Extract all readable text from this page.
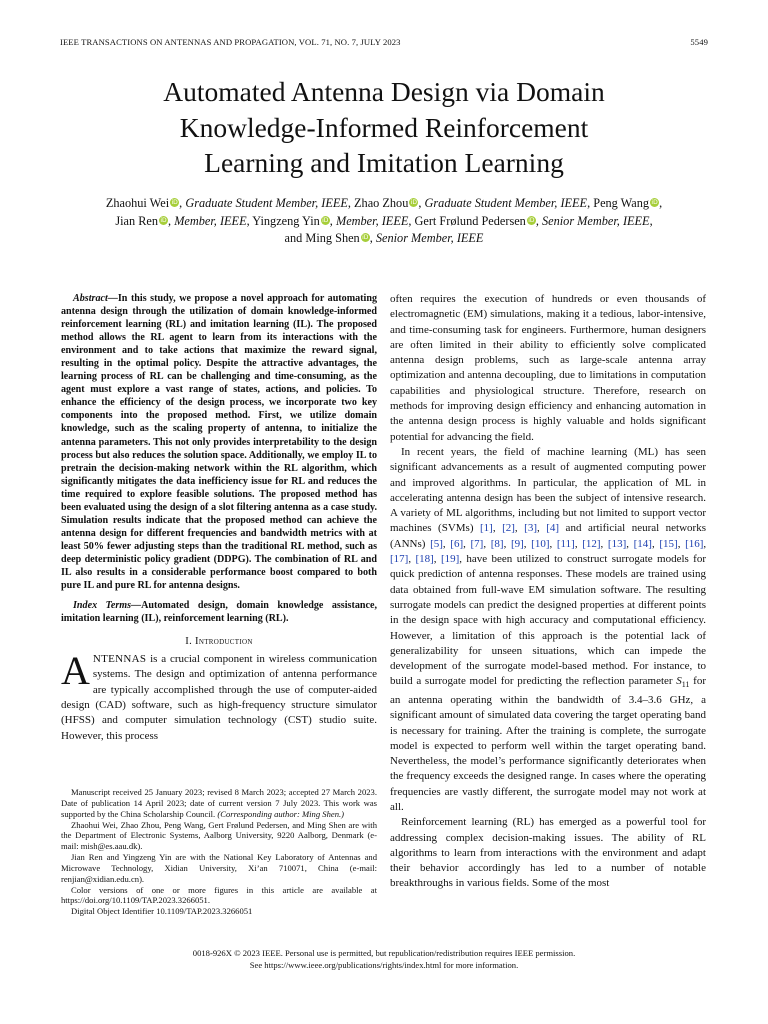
IEEE TRANSACTIONS ON ANTENNAS AND PROPAGATION, VOL. 71, NO. 7, JULY 2023	5549
Automated Antenna Design via Domain
Knowledge-Informed Reinforcement
Learning and Imitation Learning
Zhaohui Wei iD, Graduate Student Member, IEEE, Zhao Zhou iD, Graduate Student Member, IEEE, Peng Wang iD,
Jian Ren iD, Member, IEEE, Yingzeng Yin iD, Member, IEEE, Gert Frølund Pedersen iD, Senior Member, IEEE,
and Ming Shen iD, Senior Member, IEEE

Abstract—In this study, we propose a novel approach for automating antenna design through the utilization of domain knowledge-informed reinforcement learning (RL) and imitation learning (IL). The proposed method allows the RL agent to learn from its interactions with the environment and to take actions that maximize the reward signal, resulting in the optimal policy. Despite the attractive advantages, the learning process of RL can be challenging and time-consuming, as the agent must explore a vast range of states, actions, and policies. To enhance the efficiency of the design process, we incorporate two key components into the proposed method. First, we utilize domain knowledge, such as the scaling property of antenna, to initialize the antenna parameters. This not only provides interpretability to the design process but also reduces the solution space. Additionally, we employ IL to pretrain the decision-making network within the RL algorithm, which significantly mitigates the data inefficiency issue for RL and reduces the time required to explore feasible solutions. The proposed method has been evaluated using the design of a slot filtering antenna as a case study. Simulation results indicate that the proposed method can achieve the antenna design for different frequencies and bandwidth metrics with at least 50% fewer adjusting steps than the traditional RL method, such as deep deterministic policy gradient (DDPG). The combination of RL and IL also results in a considerable performance boost compared to both pure IL and pure RL for antenna designs.

Index Terms—Automated design, domain knowledge assistance, imitation learning (IL), reinforcement learning (RL).

I. Introduction

ANTENNAS is a crucial component in wireless communication systems. The design and optimization of antenna performance are typically accomplished through the use of computer-aided design (CAD) software, such as high-frequency structure simulator (HFSS) and computer simulation technology (CST) studio suite. However, this process

Manuscript received 25 January 2023; revised 8 March 2023; accepted 27 March 2023. Date of publication 14 April 2023; date of current version 7 July 2023. This work was supported by the China Scholarship Council. (Corresponding author: Ming Shen.)

Zhaohui Wei, Zhao Zhou, Peng Wang, Gert Frølund Pedersen, and Ming Shen are with the Department of Electronic Systems, Aalborg University, 9220 Aalborg, Denmark (e-mail: mish@es.aau.dk).

Jian Ren and Yingzeng Yin are with the National Key Laboratory of Antennas and Microwave Technology, Xidian University, Xi’an 710071, China (e-mail: renjian@xidian.edu.cn).

Color versions of one or more figures in this article are available at https://doi.org/10.1109/TAP.2023.3266051.

Digital Object Identifier 10.1109/TAP.2023.3266051

often requires the execution of hundreds or even thousands of electromagnetic (EM) simulations, making it a tedious, labor-intensive, and time-consuming task for engineers. Furthermore, human designers are often limited in their ability to efficiently solve complicated antenna design problems, such as large-scale antenna array optimization and antenna decoupling, due to limitations in computation capabilities and physiological structure. Therefore, research on methods for improving design efficiency and enhancing automation in the antenna design process is highly valuable and holds significant potential for advancing the field.

In recent years, the field of machine learning (ML) has seen significant advancements as a result of augmented computing power and improved algorithms. In particular, the application of ML in accelerating antenna design has been the subject of intensive research. A variety of ML algorithms, including but not limited to support vector machines (SVMs) [1], [2], [3], [4] and artificial neural networks (ANNs) [5], [6], [7], [8], [9], [10], [11], [12], [13], [14], [15], [16], [17], [18], [19], have been utilized to construct surrogate models for quick prediction of antenna responses. These models are trained using data obtained from full-wave EM simulation software. The resulting surrogate models can predict the designed properties at different points in the design space with high accuracy and computational efficiency. However, a limitation of this approach is the potential lack of generalizability for unseen situations, which can impede the development of the surrogate model-based method. For instance, to build a surrogate model for predicting the reflection parameter $S_{11}$ for an antenna operating within the bandwidth of 3.4–3.6 GHz, a significant amount of simulated data covering the target operating band is necessary for training. After the training is complete, the surrogate model is expected to perform well within the target operating band. Nevertheless, the model’s performance significantly deteriorates when the frequency exceeds the designed range. In cases where the operating frequencies are vastly different, the surrogate model may not work at all.

Reinforcement learning (RL) has emerged as a powerful tool for addressing complex decision-making issues. The ability of RL algorithms to learn from interactions with the environment and adapt their behavior accordingly has led to a number of notable breakthroughs in various fields. Some of the most

0018-926X © 2023 IEEE. Personal use is permitted, but republication/redistribution requires IEEE permission.
See https://www.ieee.org/publications/rights/index.html for more information.
